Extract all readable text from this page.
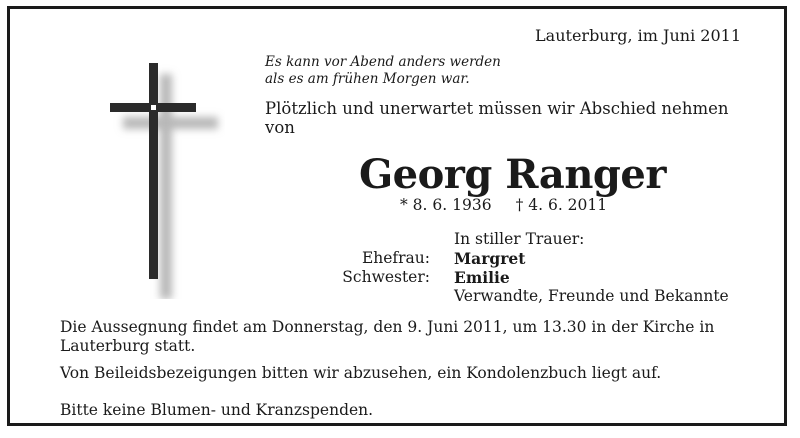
Lauterburg, im Juni 2011
Es kann vor Abend anders werden
als es am frühen Morgen war.
Plötzlich und unerwartet müssen wir Abschied nehmen von
Georg Ranger
* 8. 6. 1936 † 4. 6. 2011
In stiller Trauer:
Ehefrau: Margret
Schwester: Emilie
Verwandte, Freunde und Bekannte
Die Aussegnung findet am Donnerstag, den 9. Juni 2011, um 13.30 in der Kirche in Lauterburg statt.
Von Beileidsbezeigungen bitten wir abzusehen, ein Kondolenzbuch liegt auf.
Bitte keine Blumen- und Kranzspenden.
